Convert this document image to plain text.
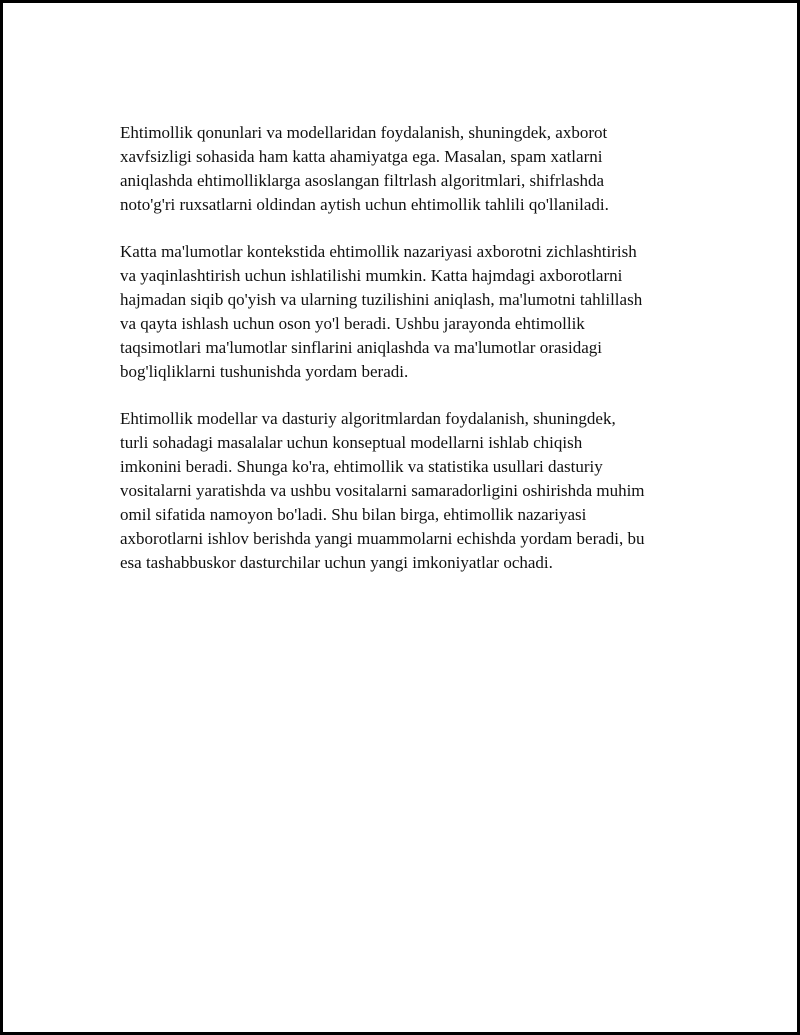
Ehtimollik qonunlari va modellaridan foydalanish, shuningdek, axborot
xavfsizligi sohasida ham katta ahamiyatga ega. Masalan, spam xatlarni
aniqlashda ehtimolliklarga asoslangan filtrlash algoritmlari, shifrlashda
noto'g'ri ruxsatlarni oldindan aytish uchun ehtimollik tahlili qo'llaniladi.

Katta ma'lumotlar kontekstida ehtimollik nazariyasi axborotni zichlashtirish
va yaqinlashtirish uchun ishlatilishi mumkin. Katta hajmdagi axborotlarni
hajmadan siqib qo'yish va ularning tuzilishini aniqlash, ma'lumotni tahlillash
va qayta ishlash uchun oson yo'l beradi. Ushbu jarayonda ehtimollik
taqsimotlari ma'lumotlar sinflarini aniqlashda va ma'lumotlar orasidagi
bog'liqliklarni tushunishda yordam beradi.

Ehtimollik modellar va dasturiy algoritmlardan foydalanish, shuningdek,
turli sohadagi masalalar uchun konseptual modellarni ishlab chiqish
imkonini beradi. Shunga ko'ra, ehtimollik va statistika usullari dasturiy
vositalarni yaratishda va ushbu vositalarni samaradorligini oshirishda muhim
omil sifatida namoyon bo'ladi. Shu bilan birga, ehtimollik nazariyasi
axborotlarni ishlov berishda yangi muammolarni echishda yordam beradi, bu
esa tashabbuskor dasturchilar uchun yangi imkoniyatlar ochadi.
